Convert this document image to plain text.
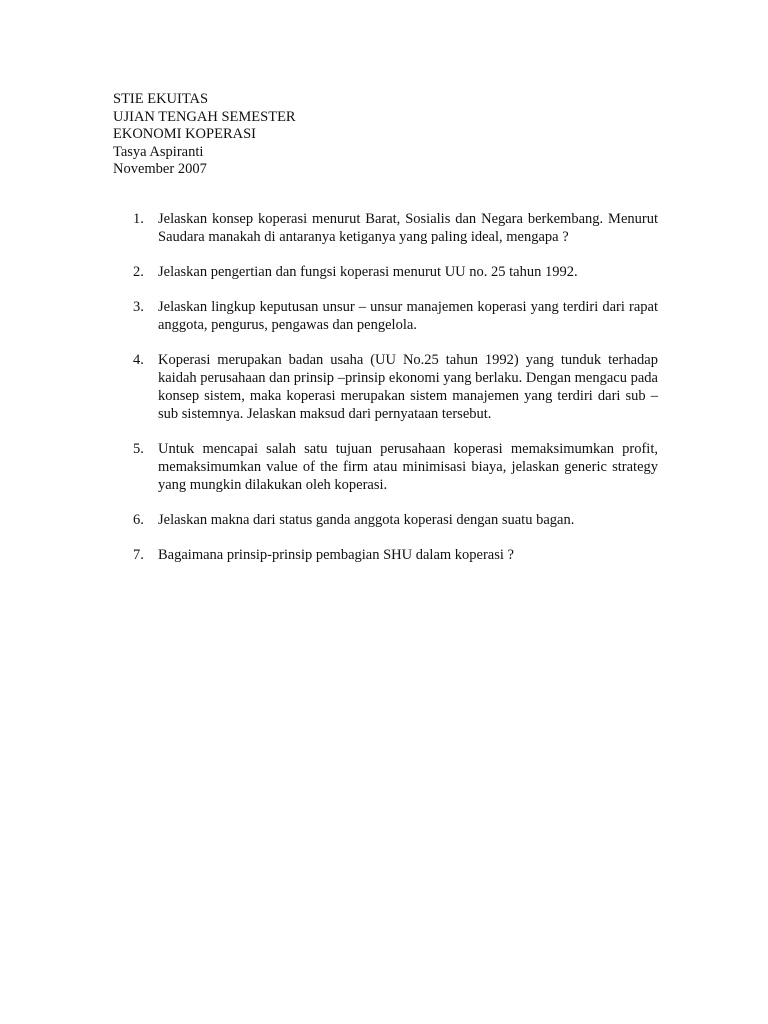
STIE EKUITAS
UJIAN TENGAH SEMESTER
EKONOMI KOPERASI
Tasya Aspiranti
November 2007
1. Jelaskan konsep koperasi menurut Barat, Sosialis dan Negara berkembang. Menurut Saudara manakah di antaranya ketiganya yang paling ideal, mengapa ?
2. Jelaskan pengertian dan fungsi koperasi menurut UU no. 25 tahun 1992.
3. Jelaskan lingkup keputusan unsur – unsur manajemen koperasi yang terdiri dari rapat anggota, pengurus, pengawas dan pengelola.
4. Koperasi merupakan badan usaha (UU No.25 tahun 1992) yang tunduk terhadap kaidah perusahaan dan prinsip –prinsip ekonomi yang berlaku. Dengan mengacu pada konsep sistem, maka koperasi merupakan sistem manajemen yang terdiri dari sub – sub sistemnya. Jelaskan maksud dari pernyataan tersebut.
5. Untuk mencapai salah satu tujuan perusahaan koperasi memaksimumkan profit, memaksimumkan value of the firm atau minimisasi biaya, jelaskan generic strategy yang mungkin dilakukan oleh koperasi.
6. Jelaskan makna dari status ganda anggota koperasi dengan suatu bagan.
7. Bagaimana prinsip-prinsip pembagian SHU dalam koperasi ?
